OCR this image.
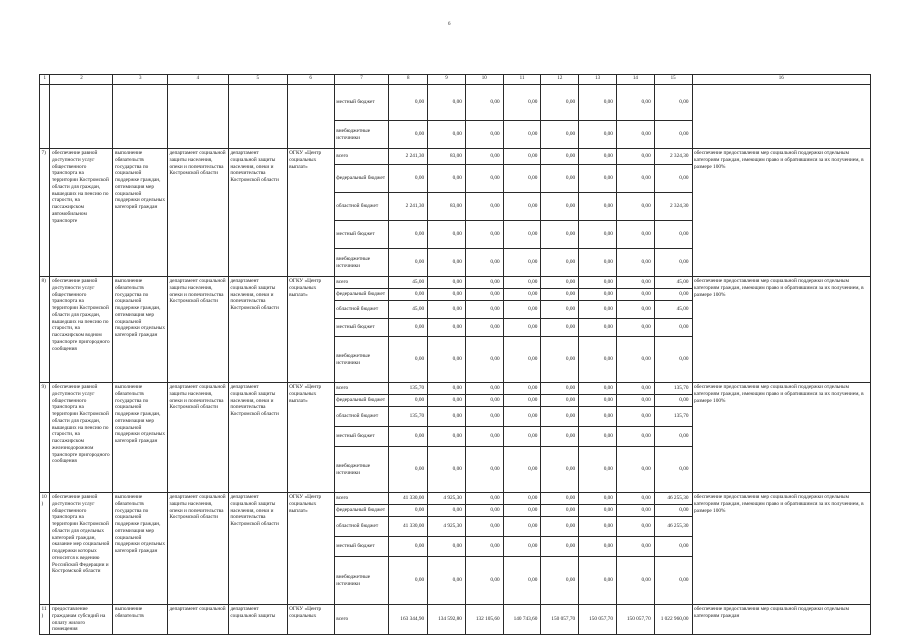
6
1	2	3	4	5	6	7	8	9	10	11	12	13	14	15	16
						местный бюджет	0,00	0,00	0,00	0,00	0,00	0,00	0,00	0,00	
						внебюджетные источники	0,00	0,00	0,00	0,00	0,00	0,00	0,00	0,00	
7)	обеспечение равной доступности услуг общественного транспорта на территории Костромской области для граждан, вышедших на пенсию по старости, на пассажирском автомобильном транспорте	выполнение обязательств государства по социальной поддержке граждан, оптимизация мер социальной поддержки отдельных категорий граждан	департамент социальной защиты населения, опеки и попечительства Костромской области	департамент социальной защиты населения, опеки и попечительства Костромской области	ОГКУ «Центр социальных выплат»	всего	2 241,30	83,00	0,00	0,00	0,00	0,00	0,00	2 324,30	обеспечение предоставления мер социальной поддержки отдельным категориям граждан, имеющим право и обратившимся за их получением, в размере 100%
						федеральный бюджет	0,00	0,00	0,00	0,00	0,00	0,00	0,00	0,00	
						областной бюджет	2 241,30	83,00	0,00	0,00	0,00	0,00	0,00	2 324,30	
						местный бюджет	0,00	0,00	0,00	0,00	0,00	0,00	0,00	0,00	
						внебюджетные источники	0,00	0,00	0,00	0,00	0,00	0,00	0,00	0,00	
8)	обеспечение равной доступности услуг общественного транспорта на территории Костромской области для граждан, вышедших на пенсию по старости, на пассажирском водном транспорте пригородного сообщения	выполнение обязательств государства по социальной поддержке граждан, оптимизация мер социальной поддержки отдельных категорий граждан	департамент социальной защиты населения, опеки и попечительства Костромской области	департамент социальной защиты населения, опеки и попечительства Костромской области	ОГКУ «Центр социальных выплат»	всего	45,00	0,00	0,00	0,00	0,00	0,00	0,00	45,00	обеспечение предоставления мер социальной поддержки отдельным категориям граждан, имеющим право и обратившимся за их получением, в размере 100%
						федеральный бюджет	0,00	0,00	0,00	0,00	0,00	0,00	0,00	0,00	
						областной бюджет	45,00	0,00	0,00	0,00	0,00	0,00	0,00	45,00	
						местный бюджет	0,00	0,00	0,00	0,00	0,00	0,00	0,00	0,00	
						внебюджетные источники	0,00	0,00	0,00	0,00	0,00	0,00	0,00	0,00	
9)	обеспечение равной доступности услуг общественного транспорта на территории Костромской области для граждан, вышедших на пенсию по старости, на пассажирском железнодорожном транспорте пригородного сообщения	выполнение обязательств государства по социальной поддержке граждан, оптимизация мер социальной поддержки отдельных категорий граждан	департамент социальной защиты населения, опеки и попечительства Костромской области	департамент социальной защиты населения, опеки и попечительства Костромской области	ОГКУ «Центр социальных выплат»	всего	135,70	0,00	0,00	0,00	0,00	0,00	0,00	135,70	обеспечение предоставления мер социальной поддержки отдельным категориям граждан, имеющим право и обратившимся за их получением, в размере 100%
						федеральный бюджет	0,00	0,00	0,00	0,00	0,00	0,00	0,00	0,00	
						областной бюджет	135,70	0,00	0,00	0,00	0,00	0,00	0,00	135,70	
						местный бюджет	0,00	0,00	0,00	0,00	0,00	0,00	0,00	0,00	
						внебюджетные источники	0,00	0,00	0,00	0,00	0,00	0,00	0,00	0,00	
10)	обеспечение равной доступности услуг общественного транспорта на территории Костромской области для отдельных категорий граждан, оказание мер социальной поддержки которых относится к ведению Российской Федерации и Костромской области	выполнение обязательств государства по социальной поддержке граждан, оптимизация мер социальной поддержки отдельных категорий граждан	департамент социальной защиты населения, опеки и попечительства Костромской области	департамент социальной защиты населения, опеки и попечительства Костромской области	ОГКУ «Центр социальных выплат»	всего	41 330,00	4 925,30	0,00	0,00	0,00	0,00	0,00	46 255,30	обеспечение предоставления мер социальной поддержки отдельным категориям граждан, имеющим право и обратившимся за их получением, в размере 100%
						федеральный бюджет	0,00	0,00	0,00	0,00	0,00	0,00	0,00	0,00	
						областной бюджет	41 330,00	4 925,30	0,00	0,00	0,00	0,00	0,00	46 255,30	
						местный бюджет	0,00	0,00	0,00	0,00	0,00	0,00	0,00	0,00	
						внебюджетные источники	0,00	0,00	0,00	0,00	0,00	0,00	0,00	0,00	
11)	предоставление гражданам субсидий на оплату жилого помещения	выполнение обязательств	департамент социальной	департамент социальной защиты	ОГКУ «Центр социальных	всего	163 344,90	134 592,80	132 105,60	140 743,60	150 057,70	150 057,70	150 057,70	1 022 960,00	обеспечение предоставления мер социальной поддержки отдельным категориям граждан
